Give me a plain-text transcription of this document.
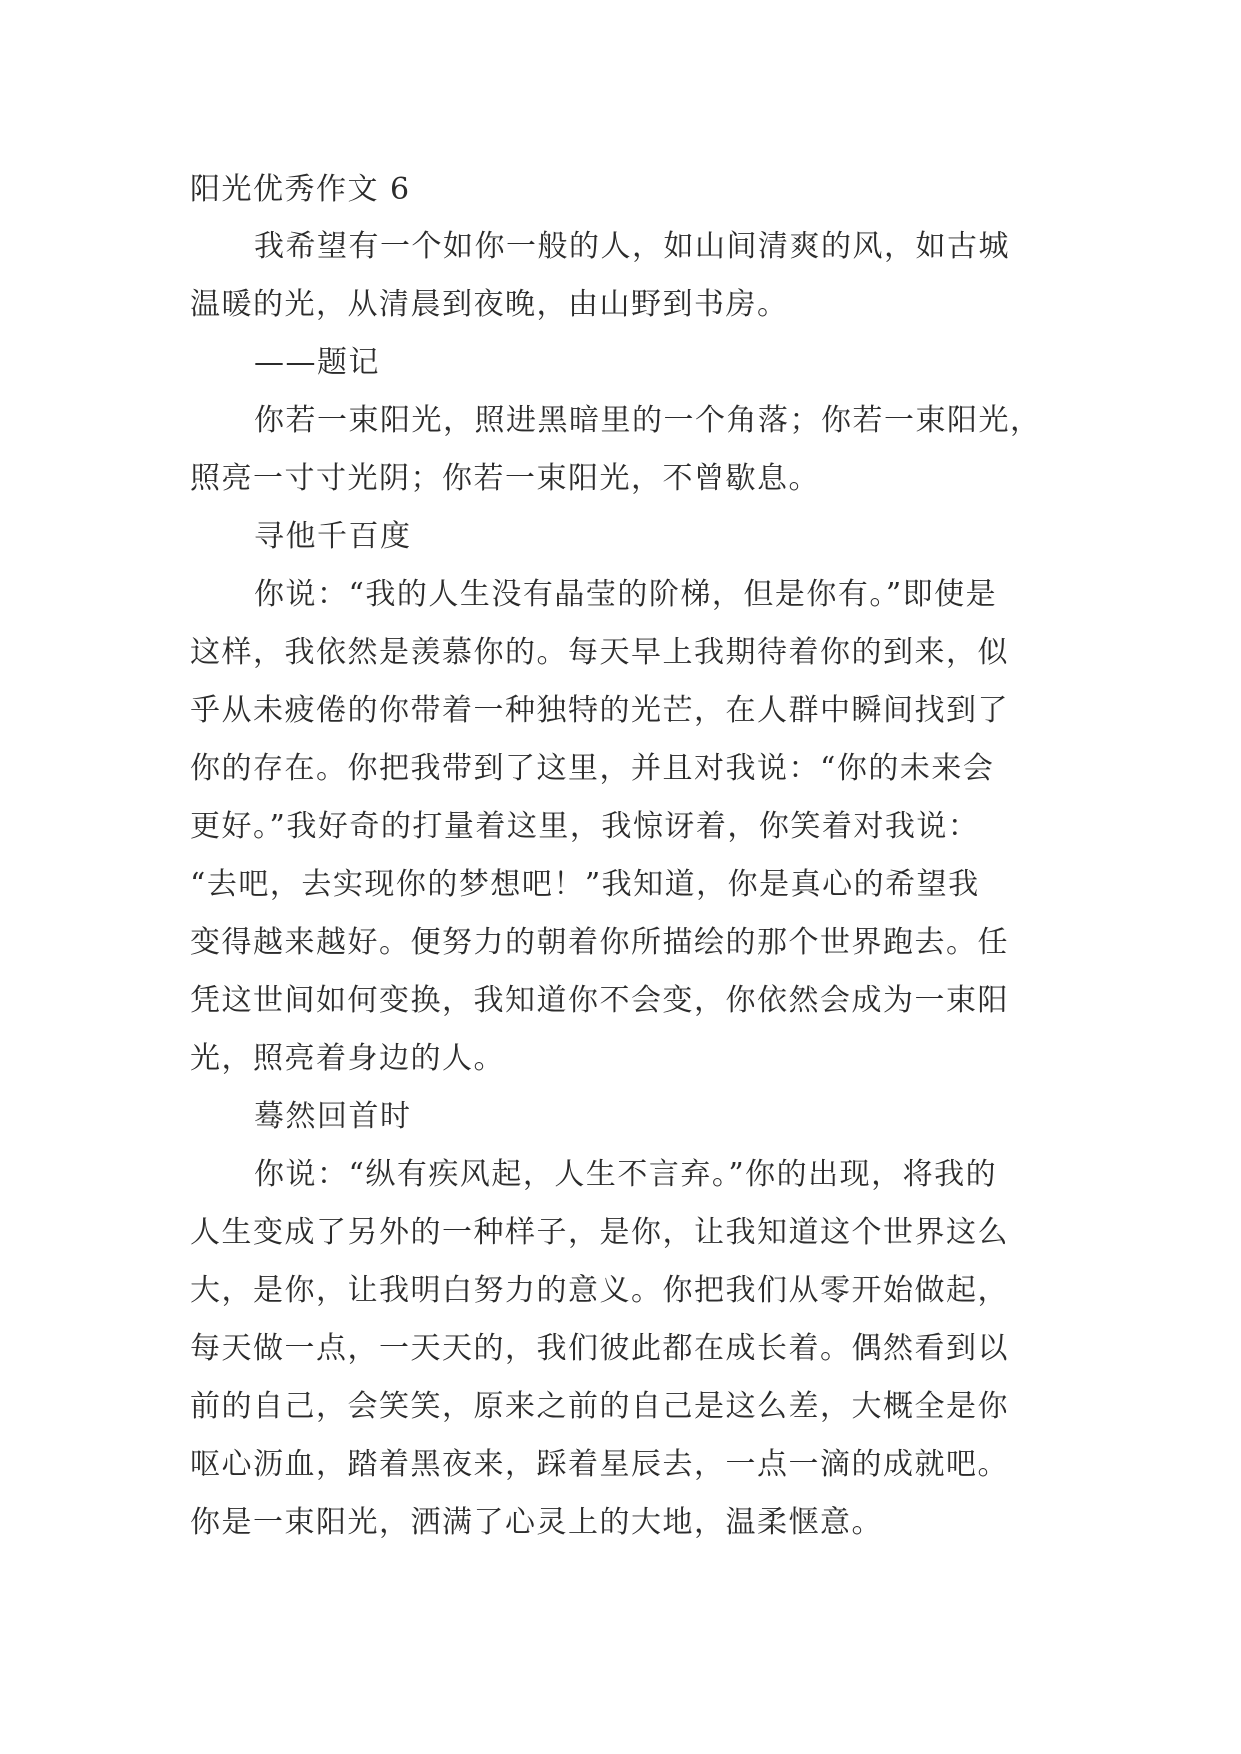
阳光优秀作文 6
我希望有一个如你一般的人，如山间清爽的风，如古城
温暖的光，从清晨到夜晚，由山野到书房。
——题记
你若一束阳光，照进黑暗里的一个角落；你若一束阳光，
照亮一寸寸光阴；你若一束阳光，不曾歇息。
寻他千百度
你说：“我的人生没有晶莹的阶梯，但是你有。”即使是
这样，我依然是羡慕你的。每天早上我期待着你的到来，似
乎从未疲倦的你带着一种独特的光芒，在人群中瞬间找到了
你的存在。你把我带到了这里，并且对我说：“你的未来会
更好。”我好奇的打量着这里，我惊讶着，你笑着对我说：
“去吧，去实现你的梦想吧！”我知道，你是真心的希望我
变得越来越好。便努力的朝着你所描绘的那个世界跑去。任
凭这世间如何变换，我知道你不会变，你依然会成为一束阳
光，照亮着身边的人。
蓦然回首时
你说：“纵有疾风起，人生不言弃。”你的出现，将我的
人生变成了另外的一种样子，是你，让我知道这个世界这么
大，是你，让我明白努力的意义。你把我们从零开始做起，
每天做一点，一天天的，我们彼此都在成长着。偶然看到以
前的自己，会笑笑，原来之前的自己是这么差，大概全是你
呕心沥血，踏着黑夜来，踩着星辰去，一点一滴的成就吧。
你是一束阳光，洒满了心灵上的大地，温柔惬意。
